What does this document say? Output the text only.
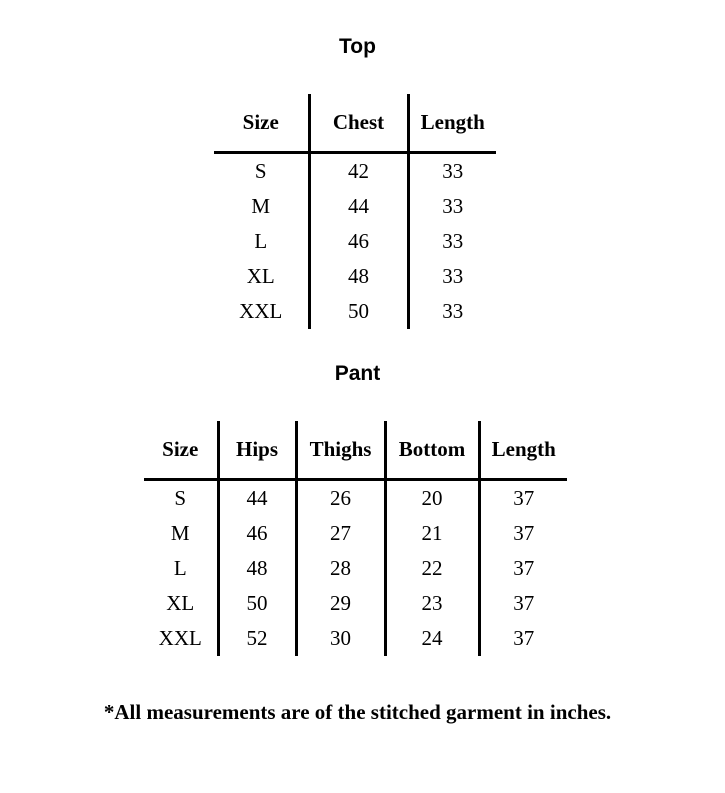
Top
Size	Chest	Length
S	42	33
M	44	33
L	46	33
XL	48	33
XXL	50	33
Pant
Size	Hips	Thighs	Bottom	Length
S	44	26	20	37
M	46	27	21	37
L	48	28	22	37
XL	50	29	23	37
XXL	52	30	24	37

*All measurements are of the stitched garment in inches.
